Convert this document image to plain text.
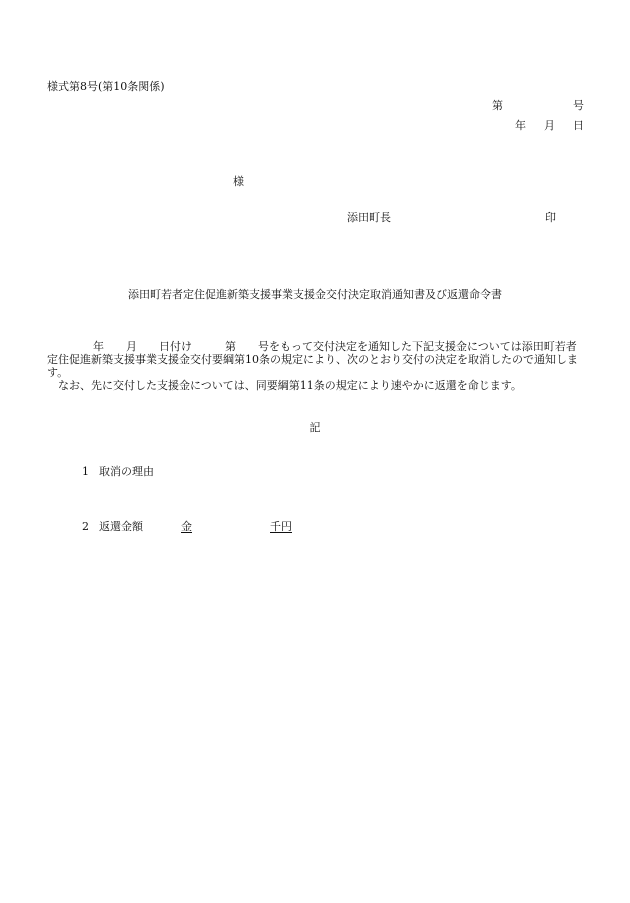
様式第8号(第10条関係)
第	号
年 月 日
様
添田町長	印
添田町若者定住促進新築支援事業支援金交付決定取消通知書及び返還命令書

年　　月　　日付け　　　第　　号をもって交付決定を通知した下記支援金については添田町若者定住促進新築支援事業支援金交付要綱第10条の規定により、次のとおり交付の決定を取消したので通知します。

なお、先に交付した支援金については、同要綱第11条の規定により速やかに返還を命じます。

記
1 取消の理由
2 返還金額	金	千円
